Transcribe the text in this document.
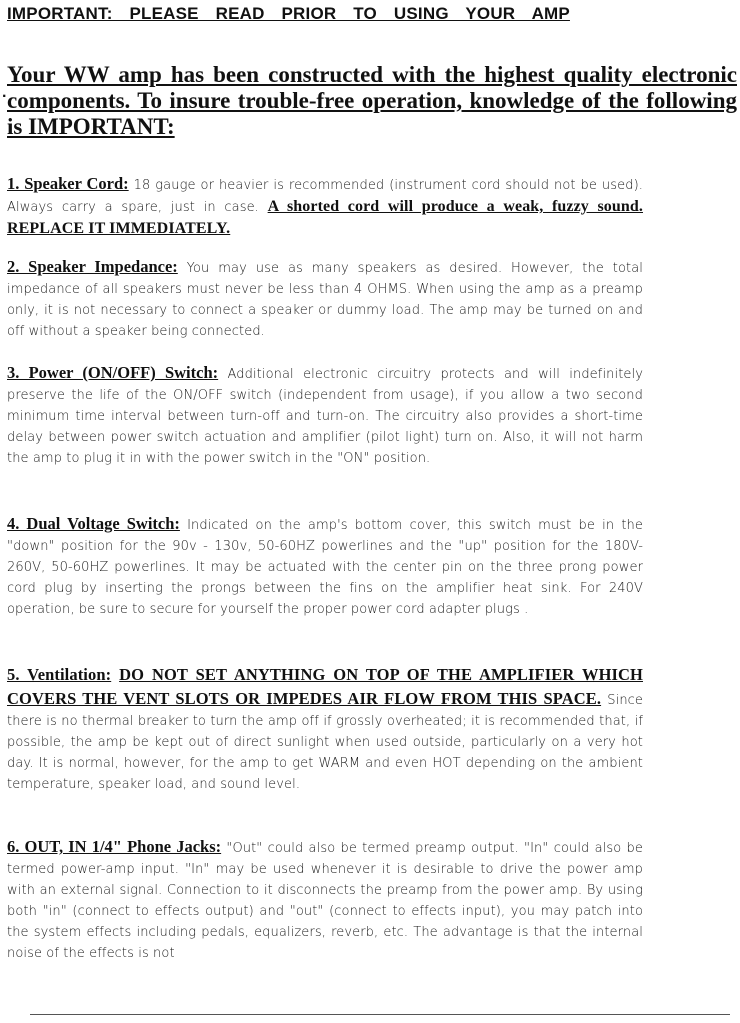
IMPORTANT: PLEASE READ PRIOR TO USING YOUR AMP
·
Your WW amp has been constructed with the highest quality electronic components. To insure trouble-free operation, knowledge of the following is IMPORTANT:
1. Speaker Cord: 18 gauge or heavier is recommended (instrument cord should not be used). Always carry a spare, just in case. A shorted cord will produce a weak, fuzzy sound. REPLACE IT IMMEDIATELY.
2. Speaker Impedance: You may use as many speakers as desired. However, the total impedance of all speakers must never be less than 4 OHMS. When using the amp as a preamp only, it is not necessary to connect a speaker or dummy load. The amp may be turned on and off without a speaker being connected.
3. Power (ON/OFF) Switch: Additional electronic circuitry protects and will indefinitely preserve the life of the ON/OFF switch (independent from usage), if you allow a two second minimum time interval between turn-off and turn-on. The circuitry also provides a short-time delay between power switch actuation and amplifier (pilot light) turn on. Also, it will not harm the amp to plug it in with the power switch in the "ON" position.
4. Dual Voltage Switch: Indicated on the amp's bottom cover, this switch must be in the "down" position for the 90v - 130v, 50-60HZ powerlines and the "up" position for the 180V-260V, 50-60HZ powerlines. It may be actuated with the center pin on the three prong power cord plug by inserting the prongs between the fins on the amplifier heat sink. For 240V operation, be sure to secure for yourself the proper power cord adapter plugs .
5. Ventilation: DO NOT SET ANYTHING ON TOP OF THE AMPLIFIER WHICH COVERS THE VENT SLOTS OR IMPEDES AIR FLOW FROM THIS SPACE. Since there is no thermal breaker to turn the amp off if grossly overheated; it is recommended that, if possible, the amp be kept out of direct sunlight when used outside, particularly on a very hot day. It is normal, however, for the amp to get WARM and even HOT depending on the ambient temperature, speaker load, and sound level.
6. OUT, IN 1/4" Phone Jacks: "Out" could also be termed preamp output. "In" could also be termed power-amp input. "In" may be used whenever it is desirable to drive the power amp with an external signal. Connection to it disconnects the preamp from the power amp. By using both "in" (connect to effects output) and "out" (connect to effects input), you may patch into the system effects including pedals, equalizers, reverb, etc. The advantage is that the internal noise of the effects is not
